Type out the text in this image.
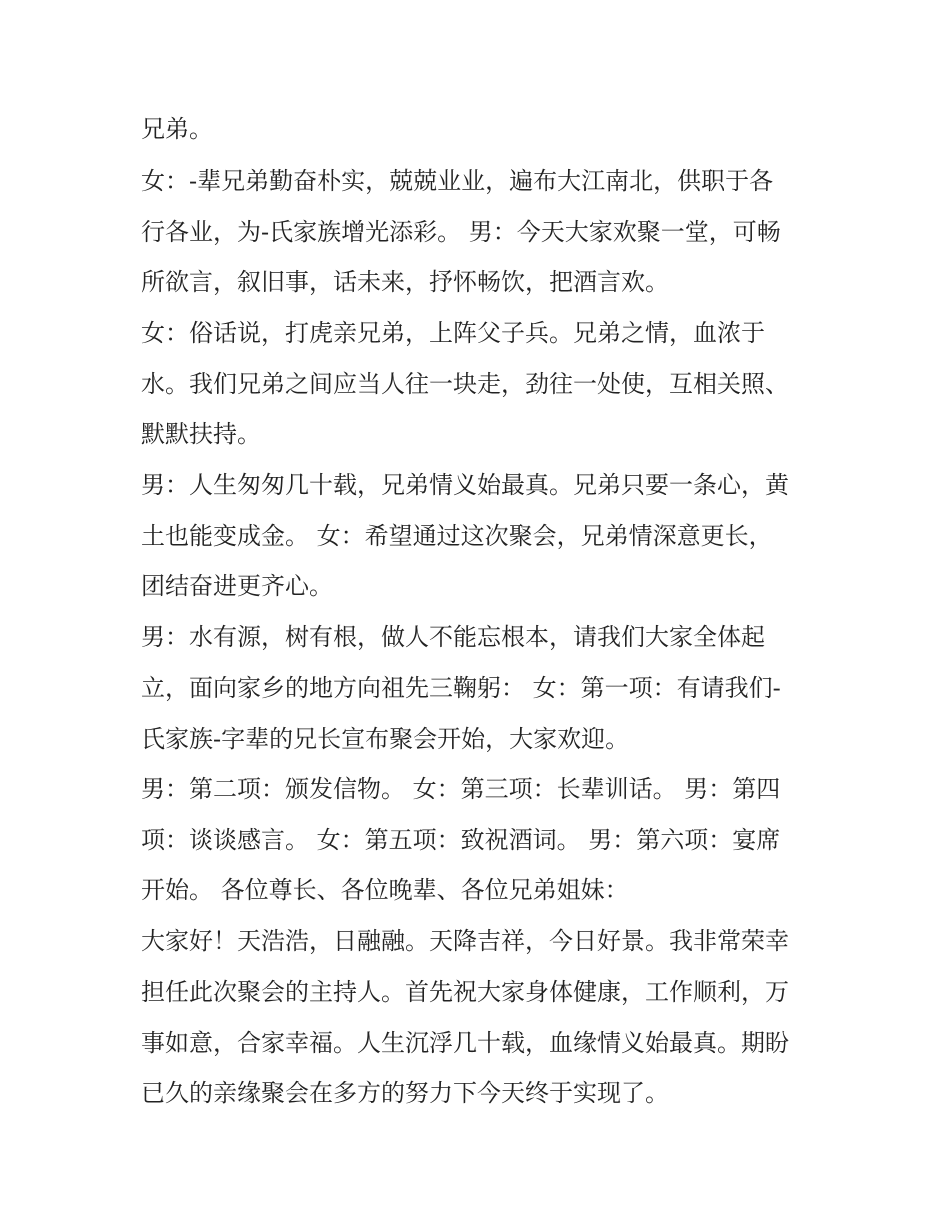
兄弟。

女：-辈兄弟勤奋朴实，兢兢业业，遍布大江南北，供职于各

行各业，为-氏家族增光添彩。 男：今天大家欢聚一堂，可畅

所欲言，叙旧事，话未来，抒怀畅饮，把酒言欢。

女：俗话说，打虎亲兄弟，上阵父子兵。兄弟之情，血浓于

水。我们兄弟之间应当人往一块走，劲往一处使，互相关照、

默默扶持。

男：人生匆匆几十载，兄弟情义始最真。兄弟只要一条心，黄

土也能变成金。 女：希望通过这次聚会，兄弟情深意更长，

团结奋进更齐心。

男：水有源，树有根，做人不能忘根本，请我们大家全体起

立，面向家乡的地方向祖先三鞠躬： 女：第一项：有请我们-

氏家族-字辈的兄长宣布聚会开始，大家欢迎。

男：第二项：颁发信物。 女：第三项：长辈训话。 男：第四

项：谈谈感言。 女：第五项：致祝酒词。 男：第六项：宴席

开始。 各位尊长、各位晚辈、各位兄弟姐妹：

大家好！天浩浩，日融融。天降吉祥，今日好景。我非常荣幸

担任此次聚会的主持人。首先祝大家身体健康，工作顺利，万

事如意，合家幸福。人生沉浮几十载，血缘情义始最真。期盼

已久的亲缘聚会在多方的努力下今天终于实现了。
